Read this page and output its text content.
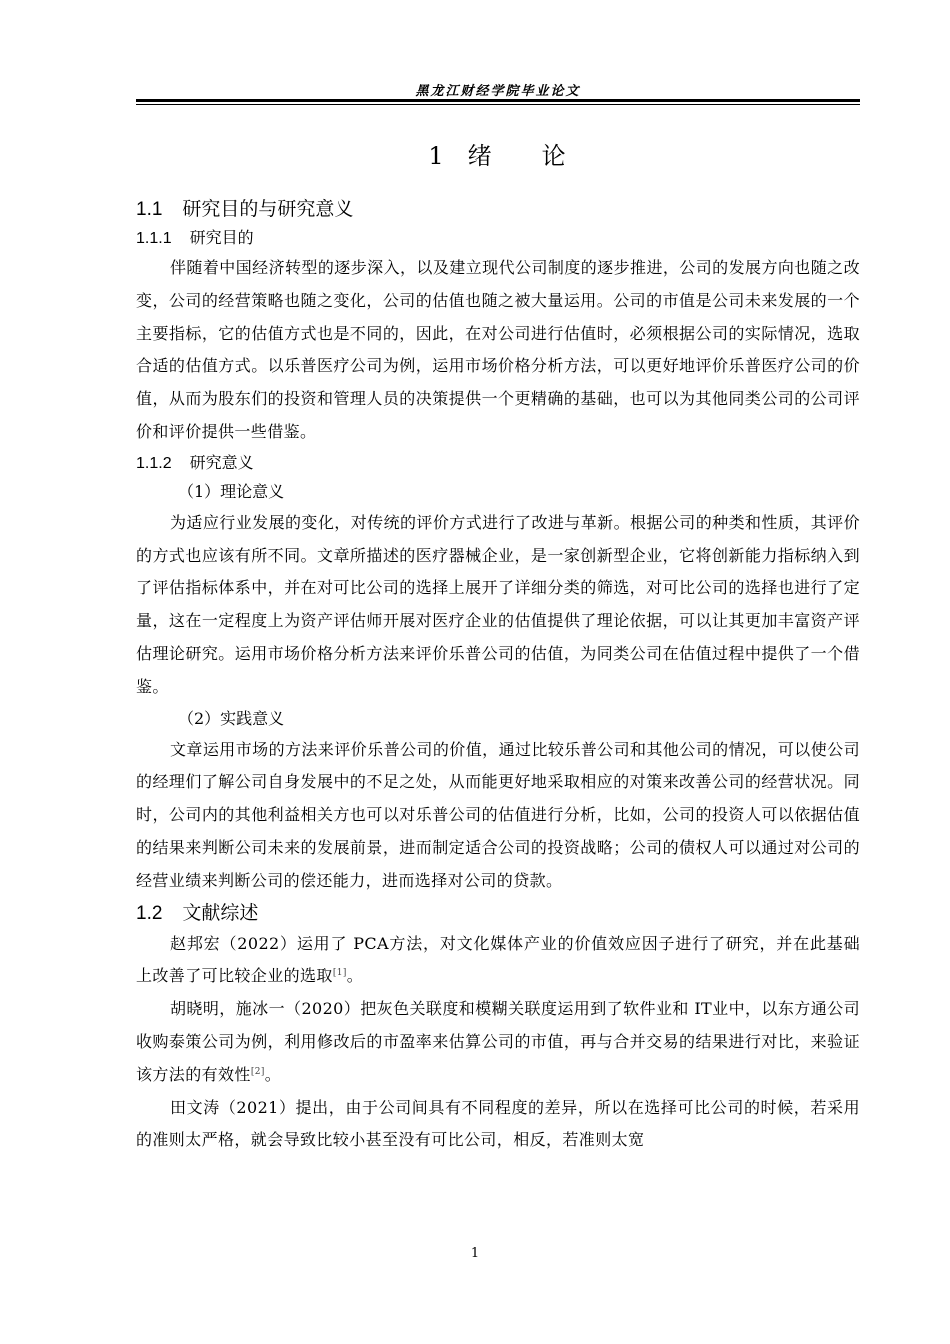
黑龙江财经学院毕业论文
1 绪 论
1.1 研究目的与研究意义
1.1.1 研究目的

伴随着中国经济转型的逐步深入，以及建立现代公司制度的逐步推进，公司的发展方向也随之改变，公司的经营策略也随之变化，公司的估值也随之被大量运用。公司的市值是公司未来发展的一个主要指标，它的估值方式也是不同的，因此，在对公司进行估值时，必须根据公司的实际情况，选取合适的估值方式。以乐普医疗公司为例，运用市场价格分析方法，可以更好地评价乐普医疗公司的价值，从而为股东们的投资和管理人员的决策提供一个更精确的基础，也可以为其他同类公司的公司评价和评价提供一些借鉴。

1.1.2 研究意义
（1）理论意义

为适应行业发展的变化，对传统的评价方式进行了改进与革新。根据公司的种类和性质，其评价的方式也应该有所不同。文章所描述的医疗器械企业，是一家创新型企业，它将创新能力指标纳入到了评估指标体系中，并在对可比公司的选择上展开了详细分类的筛选，对可比公司的选择也进行了定量，这在一定程度上为资产评估师开展对医疗企业的估值提供了理论依据，可以让其更加丰富资产评估理论研究。运用市场价格分析方法来评价乐普公司的估值，为同类公司在估值过程中提供了一个借鉴。

（2）实践意义

文章运用市场的方法来评价乐普公司的价值，通过比较乐普公司和其他公司的情况，可以使公司的经理们了解公司自身发展中的不足之处，从而能更好地采取相应的对策来改善公司的经营状况。同时，公司内的其他利益相关方也可以对乐普公司的估值进行分析，比如，公司的投资人可以依据估值的结果来判断公司未来的发展前景，进而制定适合公司的投资战略；公司的债权人可以通过对公司的经营业绩来判断公司的偿还能力，进而选择对公司的贷款。

1.2 文献综述

赵邦宏（2022）运用了 PCA方法，对文化媒体产业的价值效应因子进行了研究，并在此基础上改善了可比较企业的选取[1]。

胡晓明，施冰一（2020）把灰色关联度和模糊关联度运用到了软件业和 IT业中，以东方通公司收购泰策公司为例，利用修改后的市盈率来估算公司的市值，再与合并交易的结果进行对比，来验证该方法的有效性[2]。

田文涛（2021）提出，由于公司间具有不同程度的差异，所以在选择可比公司的时候，若采用的准则太严格，就会导致比较小甚至没有可比公司，相反，若准则太宽

1
